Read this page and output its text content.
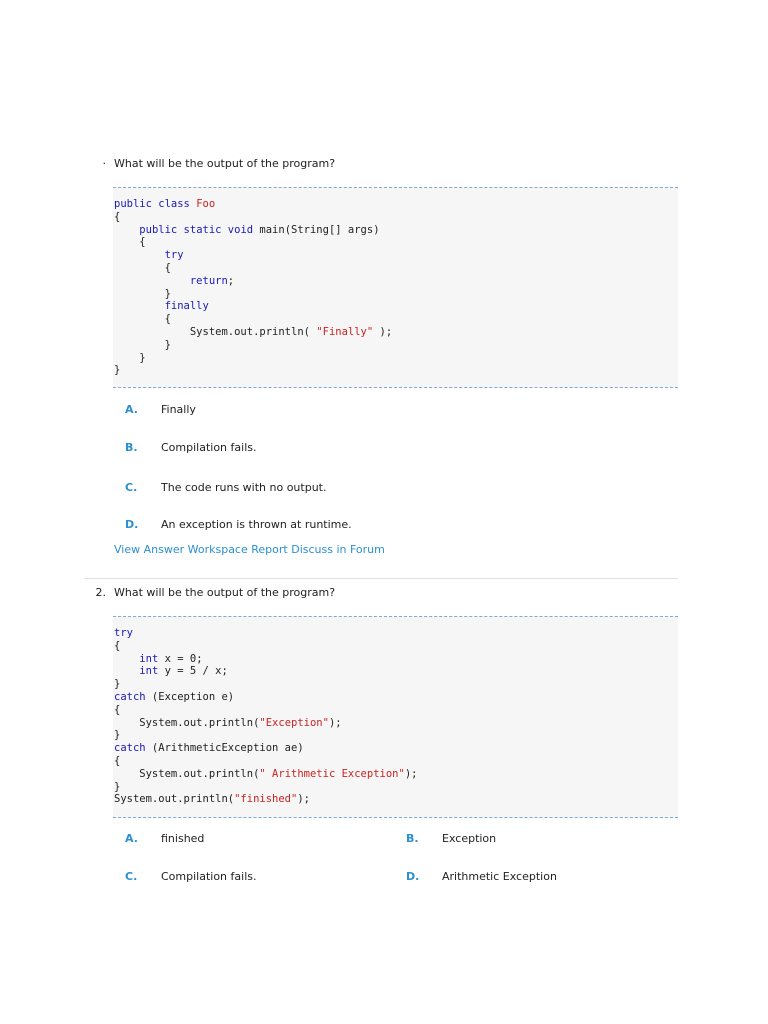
· What will be the output of the program?
public class Foo
{
public static void main(String[] args)
{
try
{
return;
}
finally
{
System.out.println( "Finally" );
}
}
}
A. Finally
B. Compilation fails.
C. The code runs with no output.
D. An exception is thrown at runtime.
View Answer Workspace Report Discuss in Forum
2. What will be the output of the program?
try
{
int x = 0;
int y = 5 / x;
}
catch (Exception e)
{
System.out.println("Exception");
}
catch (ArithmeticException ae)
{
System.out.println(" Arithmetic Exception");
}
System.out.println("finished");
A. finished	B. Exception
C. Compilation fails.	D. Arithmetic Exception
